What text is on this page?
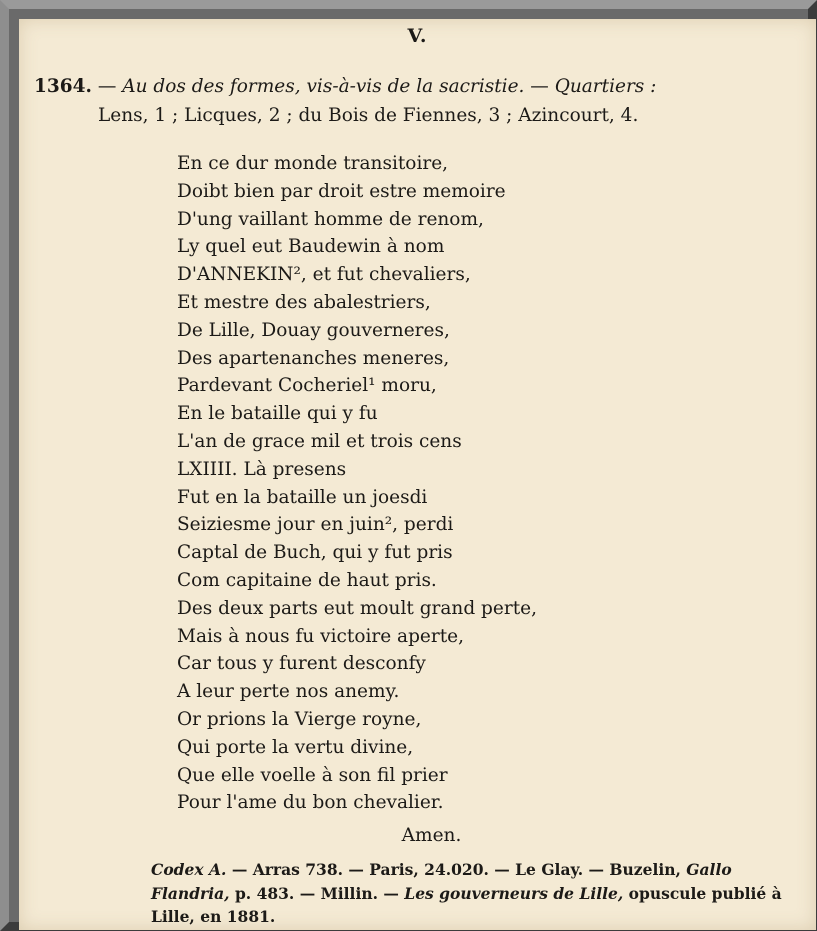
V.
1364. — Au dos des formes, vis-à-vis de la sacristie. — Quartiers :
Lens, 1 ; Licques, 2 ; du Bois de Fiennes, 3 ; Azincourt, 4.
En ce dur monde transitoire,
Doibt bien par droit estre memoire
D'ung vaillant homme de renom,
Ly quel eut Baudewin à nom
D'ANNEKIN², et fut chevaliers,
Et mestre des abalestriers,
De Lille, Douay gouverneres,
Des apartenanches meneres,
Pardevant Cocheriel¹ moru,
En le bataille qui y fu
L'an de grace mil et trois cens
LXIIII. Là presens
Fut en la bataille un joesdi
Seiziesme jour en juin², perdi
Captal de Buch, qui y fut pris
Com capitaine de haut pris.
Des deux parts eut moult grand perte,
Mais à nous fu victoire aperte,
Car tous y furent desconfy
A leur perte nos anemy.
Or prions la Vierge royne,
Qui porte la vertu divine,
Que elle voelle à son fil prier
Pour l'ame du bon chevalier.
Amen.
Codex A. — Arras 738. — Paris, 24.020. — Le Glay. — Buzelin, Gallo Flandria, p. 483. — Millin. — Les gouverneurs de Lille, opuscule publié à Lille, en 1881.
